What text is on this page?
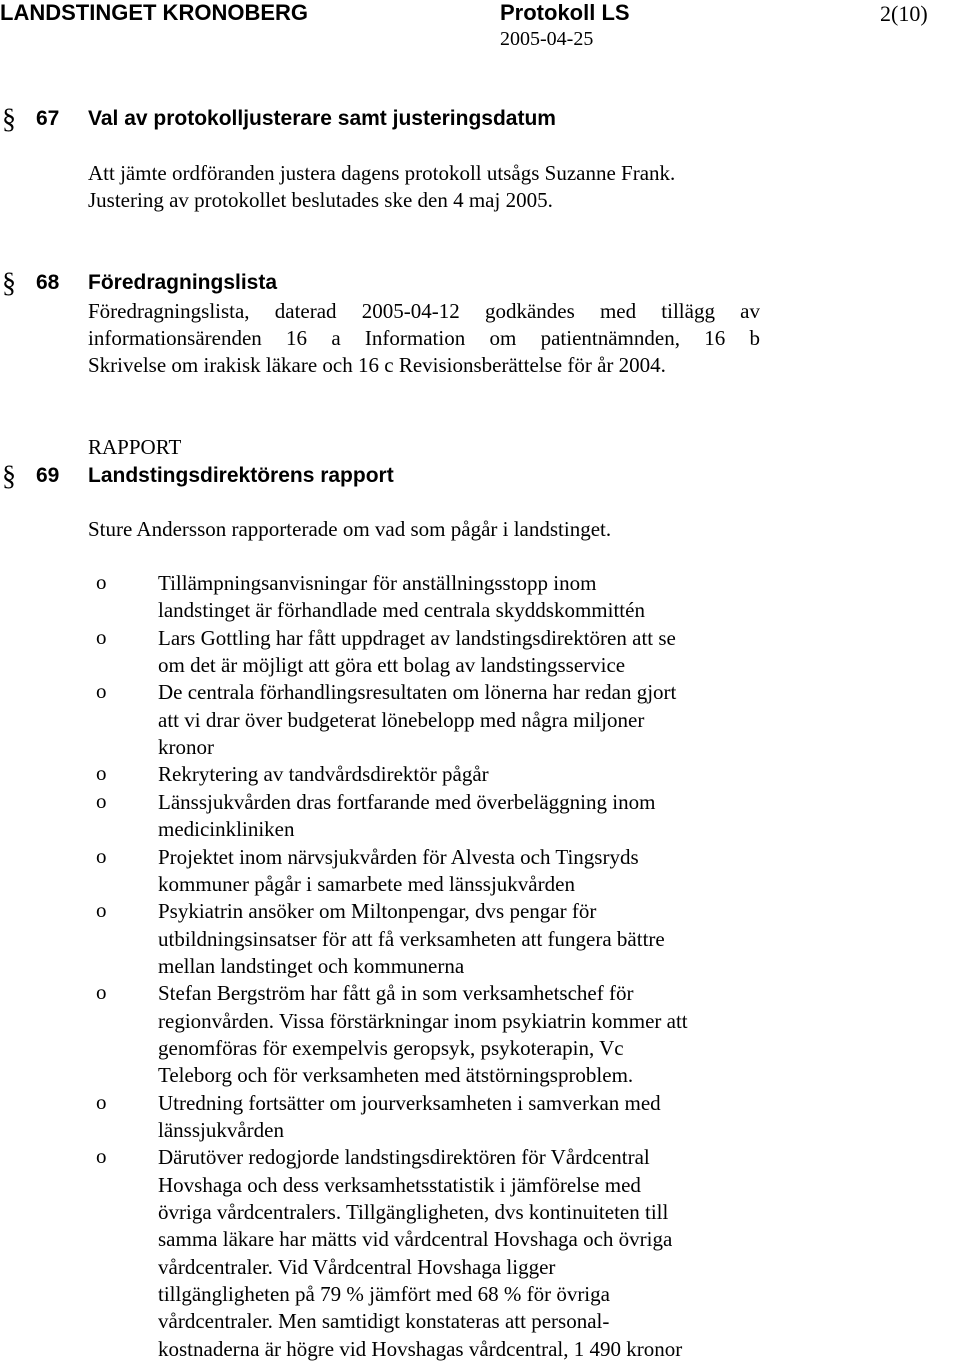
LANDSTINGET KRONOBERG	Protokoll LS
2005-04-25
2(10)
§ 67 Val av protokolljusterare samt justeringsdatum
Att jämte ordföranden justera dagens protokoll utsågs Suzanne Frank.
Justering av protokollet beslutades ske den 4 maj 2005.
§ 68 Föredragningslista
Föredragningslista, daterad 2005-04-12 godkändes med tillägg av
informationsärenden 16 a Information om patientnämnden, 16 b
Skrivelse om irakisk läkare och 16 c Revisionsberättelse för år 2004.
RAPPORT
§ 69 Landstingsdirektörens rapport
Sture Andersson rapporterade om vad som pågår i landstinget.
o Tillämpningsanvisningar för anställningsstopp inom
landstinget är förhandlade med centrala skyddskommittén
o Lars Gottling har fått uppdraget av landstingsdirektören att se
om det är möjligt att göra ett bolag av landstingsservice
o De centrala förhandlingsresultaten om lönerna har redan gjort
att vi drar över budgeterat lönebelopp med några miljoner
kronor
o Rekrytering av tandvårdsdirektör pågår
o Länssjukvården dras fortfarande med överbeläggning inom
medicinkliniken
o Projektet inom närvsjukvården för Alvesta och Tingsryds
kommuner pågår i samarbete med länssjukvården
o Psykiatrin ansöker om Miltonpengar, dvs pengar för
utbildningsinsatser för att få verksamheten att fungera bättre
mellan landstinget och kommunerna
o Stefan Bergström har fått gå in som verksamhetschef för
regionvården. Vissa förstärkningar inom psykiatrin kommer att
genomföras för exempelvis geropsyk, psykoterapin, Vc
Teleborg och för verksamheten med ätstörningsproblem.
o Utredning fortsätter om jourverksamheten i samverkan med
länssjukvården
o Därutöver redogjorde landstingsdirektören för Vårdcentral
Hovshaga och dess verksamhetsstatistik i jämförelse med
övriga vårdcentralers. Tillgängligheten, dvs kontinuiteten till
samma läkare har mätts vid vårdcentral Hovshaga och övriga
vårdcentraler. Vid Vårdcentral Hovshaga ligger
tillgängligheten på 79 % jämfört med 68 % för övriga
vårdcentraler. Men samtidigt konstateras att personal-
kostnaderna är högre vid Hovshagas vårdcentral, 1 490 kronor
